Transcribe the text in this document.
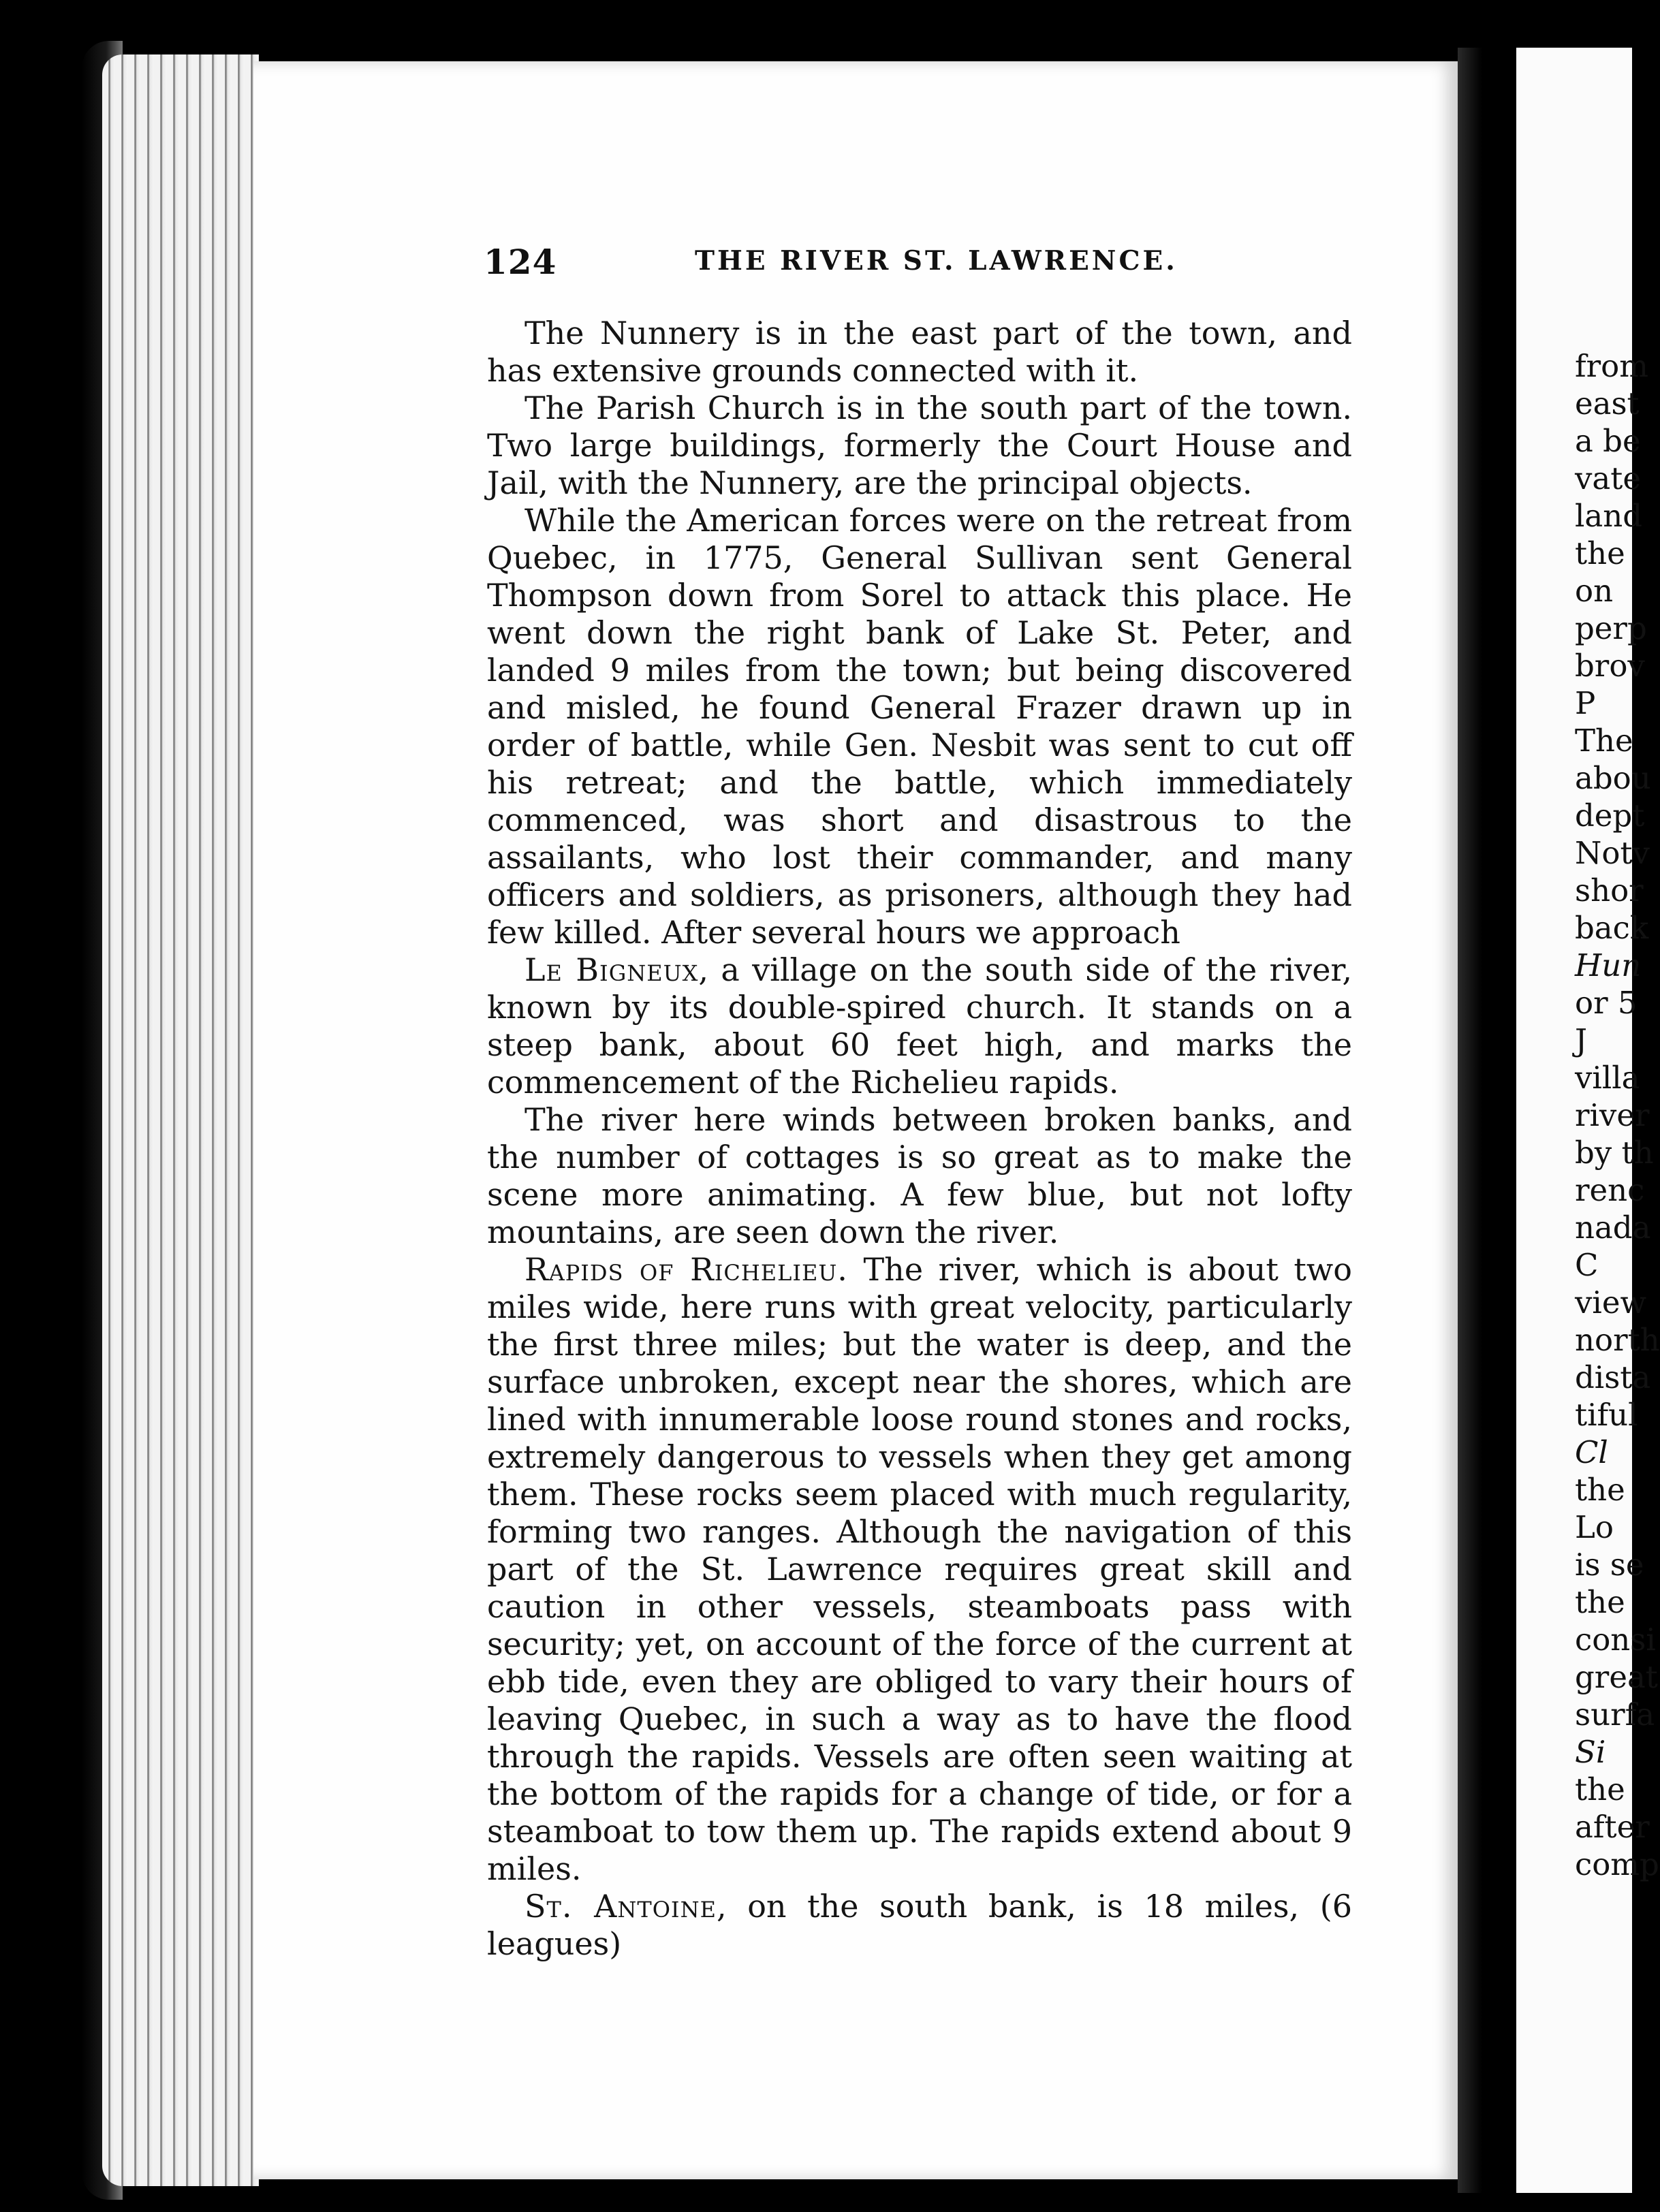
124	THE RIVER ST. LAWRENCE.

The Nunnery is in the east part of the town, and has extensive grounds connected with it.

The Parish Church is in the south part of the town. Two large buildings, formerly the Court House and Jail, with the Nunnery, are the principal objects.

While the American forces were on the retreat from Quebec, in 1775, General Sullivan sent General Thompson down from Sorel to attack this place. He went down the right bank of Lake St. Peter, and landed 9 miles from the town; but being discovered and misled, he found General Frazer drawn up in order of battle, while Gen. Nesbit was sent to cut off his retreat; and the battle, which immediately commenced, was short and disastrous to the assailants, who lost their commander, and many officers and soldiers, as prisoners, although they had few killed. After several hours we approach

Le Bigneux, a village on the south side of the river, known by its double-spired church. It stands on a steep bank, about 60 feet high, and marks the commencement of the Richelieu rapids.

The river here winds between broken banks, and the number of cottages is so great as to make the scene more animating. A few blue, but not lofty mountains, are seen down the river.

Rapids of Richelieu. The river, which is about two miles wide, here runs with great velocity, particularly the first three miles; but the water is deep, and the surface unbroken, except near the shores, which are lined with innumerable loose round stones and rocks, extremely dangerous to vessels when they get among them. These rocks seem placed with much regularity, forming two ranges. Although the navigation of this part of the St. Lawrence requires great skill and caution in other vessels, steamboats pass with security; yet, on account of the force of the current at ebb tide, even they are obliged to vary their hours of leaving Quebec, in such a way as to have the flood through the rapids. Vessels are often seen waiting at the bottom of the rapids for a change of tide, or for a steamboat to tow them up. The rapids extend about 9 miles.

St. Antoine, on the south bank, is 18 miles, (6 leagues)

from
east
a be
vate
land
the
on
perp
brov
P
The
abou
dept
Notv
shor
back
Hun
or 5
J
villa
river
by th
renc
nada
C
view
north
dista
tiful
Cl
the
Lo
is se
the
consi
great
surfa
Si
the
after
comp
